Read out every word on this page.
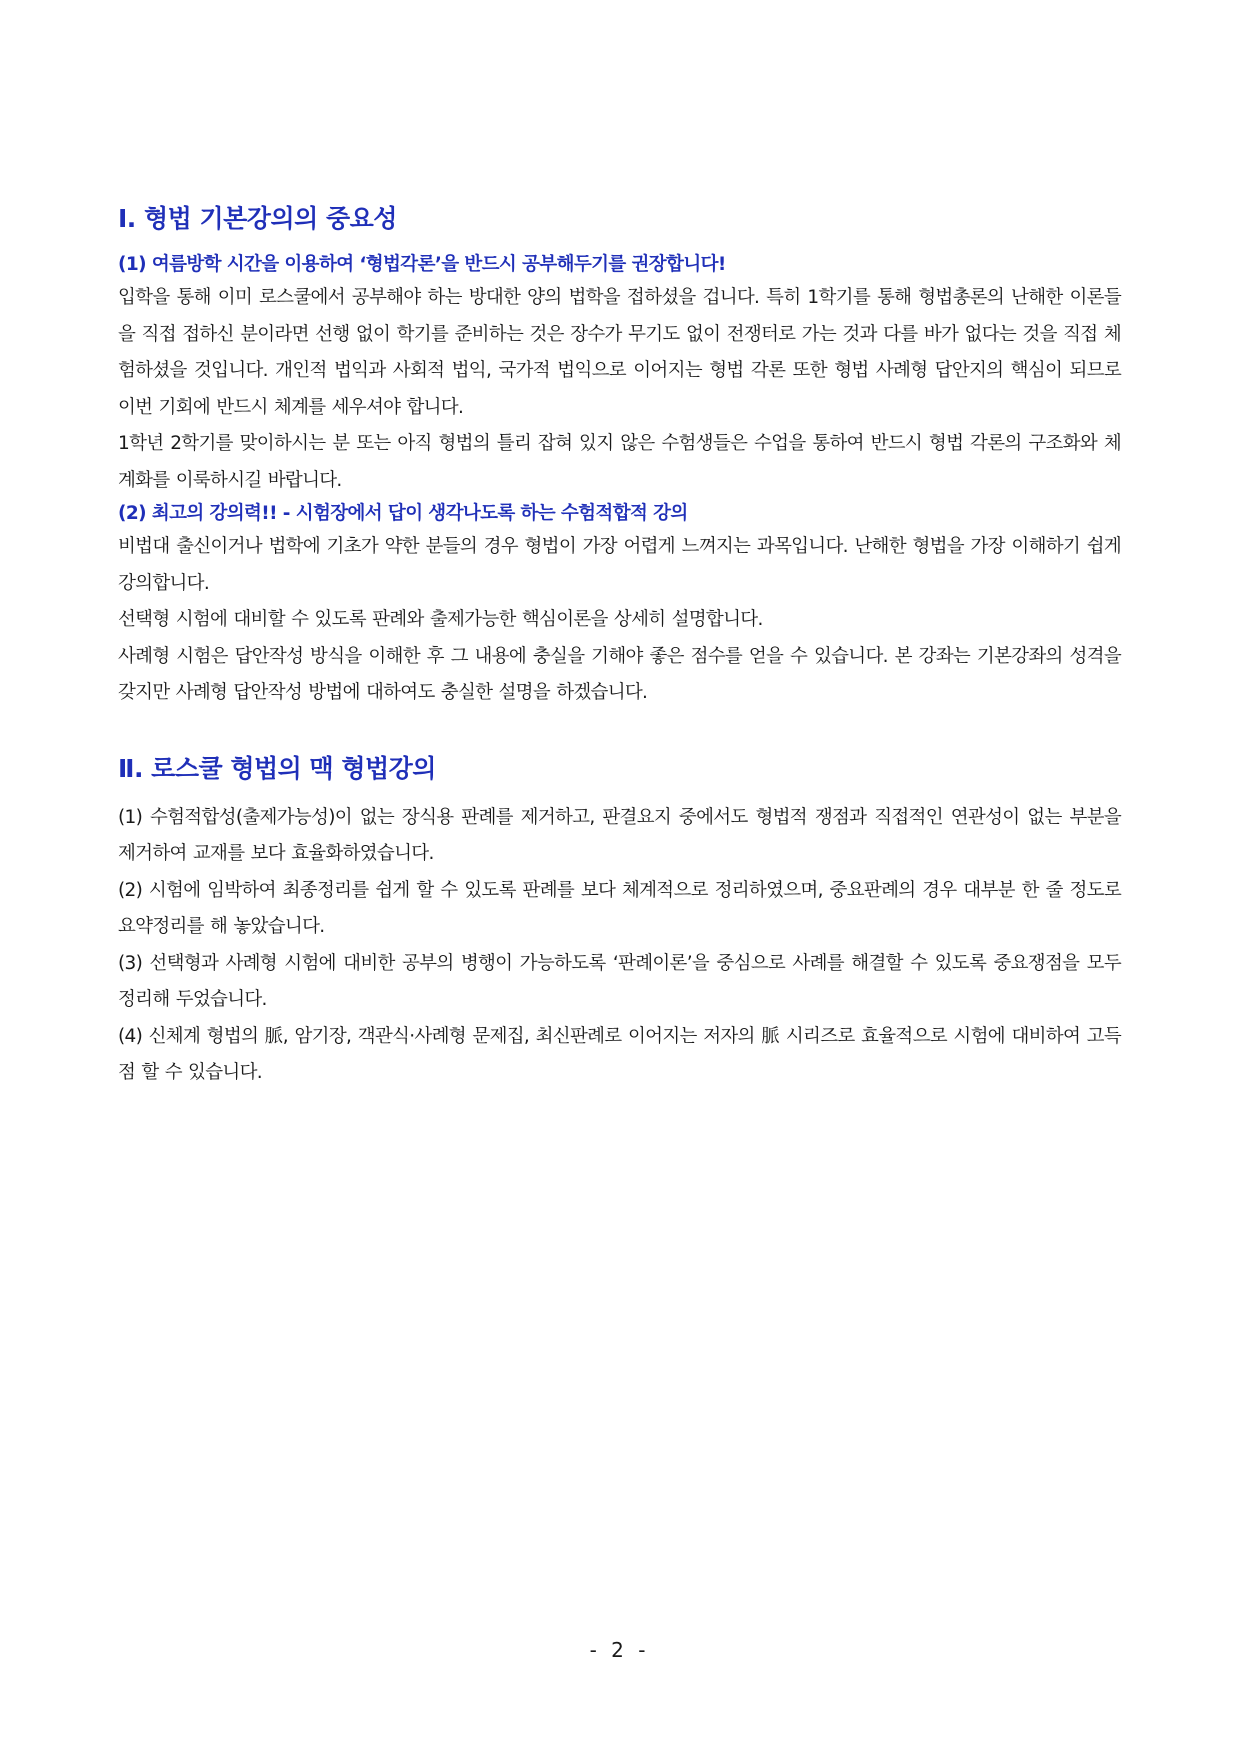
Ⅰ. 형법 기본강의의 중요성
(1) 여름방학 시간을 이용하여 ‘형법각론’을 반드시 공부해두기를 권장합니다!

입학을 통해 이미 로스쿨에서 공부해야 하는 방대한 양의 법학을 접하셨을 겁니다. 특히 1학기를 통해 형법총론의 난해한 이론들을 직접 접하신 분이라면 선행 없이 학기를 준비하는 것은 장수가 무기도 없이 전쟁터로 가는 것과 다를 바가 없다는 것을 직접 체험하셨을 것입니다. 개인적 법익과 사회적 법익, 국가적 법익으로 이어지는 형법 각론 또한 형법 사례형 답안지의 핵심이 되므로 이번 기회에 반드시 체계를 세우셔야 합니다.

1학년 2학기를 맞이하시는 분 또는 아직 형법의 틀리 잡혀 있지 않은 수험생들은 수업을 통하여 반드시 형법 각론의 구조화와 체계화를 이룩하시길 바랍니다.

(2) 최고의 강의력!! - 시험장에서 답이 생각나도록 하는 수험적합적 강의

비법대 출신이거나 법학에 기초가 약한 분들의 경우 형법이 가장 어렵게 느껴지는 과목입니다. 난해한 형법을 가장 이해하기 쉽게 강의합니다.

선택형 시험에 대비할 수 있도록 판례와 출제가능한 핵심이론을 상세히 설명합니다.

사례형 시험은 답안작성 방식을 이해한 후 그 내용에 충실을 기해야 좋은 점수를 얻을 수 있습니다. 본 강좌는 기본강좌의 성격을 갖지만 사례형 답안작성 방법에 대하여도 충실한 설명을 하겠습니다.

Ⅱ. 로스쿨 형법의 맥 형법강의

(1) 수험적합성(출제가능성)이 없는 장식용 판례를 제거하고, 판결요지 중에서도 형법적 쟁점과 직접적인 연관성이 없는 부분을 제거하여 교재를 보다 효율화하였습니다.

(2) 시험에 임박하여 최종정리를 쉽게 할 수 있도록 판례를 보다 체계적으로 정리하였으며, 중요판례의 경우 대부분 한 줄 정도로 요약정리를 해 놓았습니다.

(3) 선택형과 사례형 시험에 대비한 공부의 병행이 가능하도록 ‘판례이론’을 중심으로 사례를 해결할 수 있도록 중요쟁점을 모두 정리해 두었습니다.

(4) 신체계 형법의 脈, 암기장, 객관식·사례형 문제집, 최신판례로 이어지는 저자의 脈 시리즈로 효율적으로 시험에 대비하여 고득점 할 수 있습니다.

- 2 -
